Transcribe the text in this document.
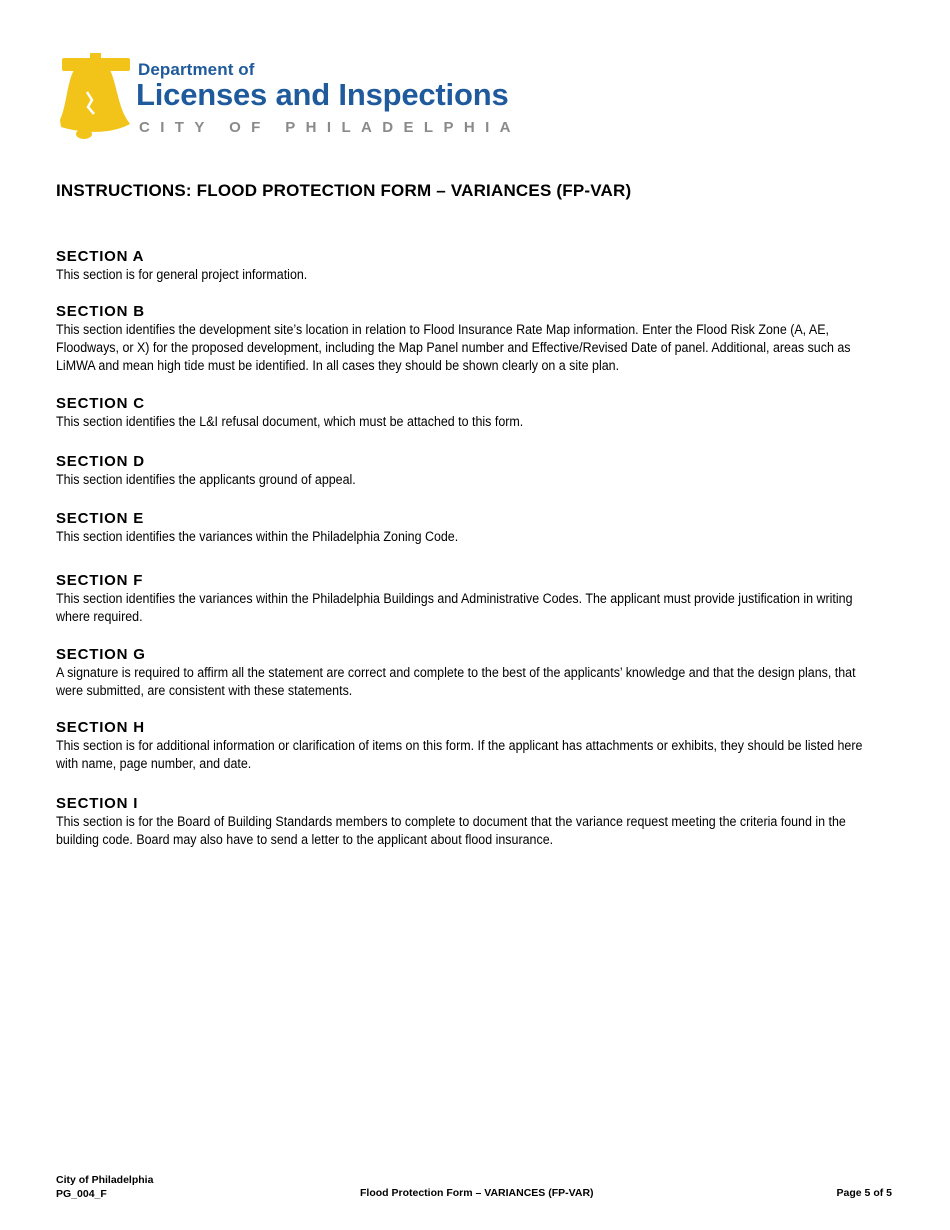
Department of
Licenses and Inspections
CITY OF PHILADELPHIA
INSTRUCTIONS: FLOOD PROTECTION FORM – VARIANCES (FP-VAR)
SECTION A

This section is for general project information.

SECTION B

This section identifies the development site’s location in relation to Flood Insurance Rate Map information. Enter the Flood Risk Zone (A, AE, Floodways, or X) for the proposed development, including the Map Panel number and Effective/Revised Date of panel. Additional, areas such as LiMWA and mean high tide must be identified. In all cases they should be shown clearly on a site plan.

SECTION C

This section identifies the L&I refusal document, which must be attached to this form.

SECTION D

This section identifies the applicants ground of appeal.

SECTION E

This section identifies the variances within the Philadelphia Zoning Code.

SECTION F

This section identifies the variances within the Philadelphia Buildings and Administrative Codes. The applicant must provide justification in writing where required.

SECTION G

A signature is required to affirm all the statement are correct and complete to the best of the applicants’ knowledge and that the design plans, that were submitted, are consistent with these statements.

SECTION H

This section is for additional information or clarification of items on this form. If the applicant has attachments or exhibits, they should be listed here with name, page number, and date.

SECTION I

This section is for the Board of Building Standards members to complete to document that the variance request meeting the criteria found in the building code. Board may also have to send a letter to the applicant about flood insurance.

City of Philadelphia
PG_004_F	Flood Protection Form – VARIANCES (FP-VAR)	Page 5 of 5
